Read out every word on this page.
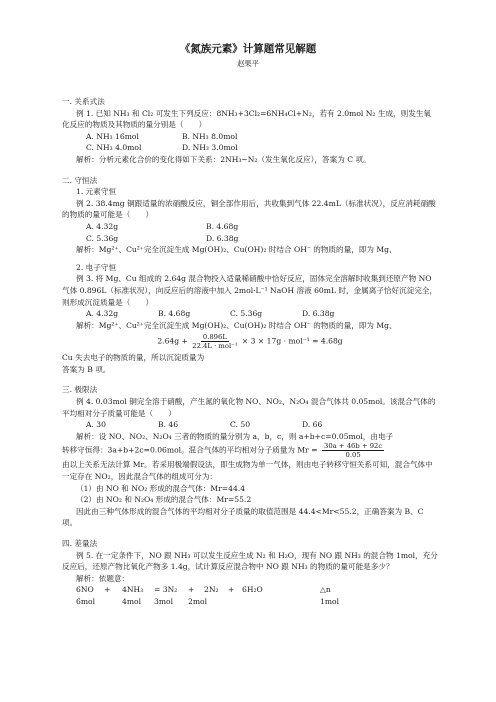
《氮族元素》计算题常见解题
赵果平

一. 关系式法

例 1. 已知 NH₃ 和 Cl₂ 可发生下列反应：8NH₃+3Cl₂=6NH₄Cl+N₂，若有 2.0mol N₂ 生成，则发生氧化反应的物质及其物质的量分别是（　　）

A. NH₃ 16mol	B. NH₃ 8.0mol
C. NH₃ 4.0mol	D. NH₃ 3.0mol

解析：分析元素化合价的变化得如下关系：2NH₃~N₂（发生氧化反应），答案为 C 项。

二. 守恒法

1. 元素守恒

例 2. 38.4mg 铜跟适量的浓硝酸反应，铜全部作用后，共收集到气体 22.4mL（标准状况），反应消耗硝酸的物质的量可能是（　　）

A. 4.32g	B. 4.68g
C. 5.36g	D. 6.38g

解析：Mg²⁺、Cu²⁺完全沉淀生成 Mg(OH)₂、Cu(OH)₂ 时结合 OH⁻ 的物质的量，即为 Mg、

2. 电子守恒

例 3. 将 Mg、Cu 组成的 2.64g 混合物投入适量稀硝酸中恰好反应，固体完全溶解时收集到还原产物 NO 气体 0.896L（标准状况），向反应后的溶液中加入 2mol·L⁻¹ NaOH 溶液 60mL 时，金属离子恰好沉淀完全，则形成沉淀质量是（　　）

A. 4.32g	B. 4.68g	C. 5.36g	D. 6.38g

解析：Mg²⁺、Cu²⁺完全沉淀生成 Mg(OH)₂、Cu(OH)₂ 时结合 OH⁻ 的物质的量，即为 Mg、

$2.64g + \frac{0.896L}{\text{22.4L · mol⁻¹}} \times 3 \times 17g \cdot mol^{-1} = 4.68g$

Cu 失去电子的物质的量，所以沉淀质量为

答案为 B 项。

三. 极限法

例 4. 0.03mol 铜完全溶于硝酸，产生氮的氧化物 NO、NO₂、N₂O₄ 混合气体共 0.05mol。该混合气体的平均相对分子质量可能是（　　）

A. 30	B. 46	C. 50	D. 66

解析：设 NO、NO₂、N₂O₄ 三者的物质的量分别为 a，b，c，则 a+b+c=0.05mol，由电子

转移守恒得：3a+b+2c=0.06mol。混合气体的平均相对分子质量为 $Mr = \frac{30a + 46b + 92c}{0.05}$

由以上关系无法计算 Mr。若采用极端假设法，即生成物为单一气体，则由电子转移守恒关系可知，混合气体中一定存在 NO₂，因此混合气体的组成可分为：

（1）由 NO 和 NO₂ 形成的混合气体：Mr=44.4

（2）由 NO₂ 和 N₂O₄ 形成的混合气体：Mr=55.2

因此由三种气体形成的混合气体的平均相对分子质量的取值范围是 44.4<Mr<55.2，正确答案为 B、C 项。

四. 差量法

例 5. 在一定条件下，NO 跟 NH₃ 可以发生反应生成 N₂ 和 H₂O，现有 NO 跟 NH₃ 的混合物 1mol，充分反应后，还原产物比氧化产物多 1.4g，试计算反应混合物中 NO 跟 NH₃ 的物质的量可能是多少？

解析：依题意：

6NO	+	4NH₃	= 3N₂	+	2N₂	+	6H₂O	△n
6mol	4mol	3mol	2mol	1mol
